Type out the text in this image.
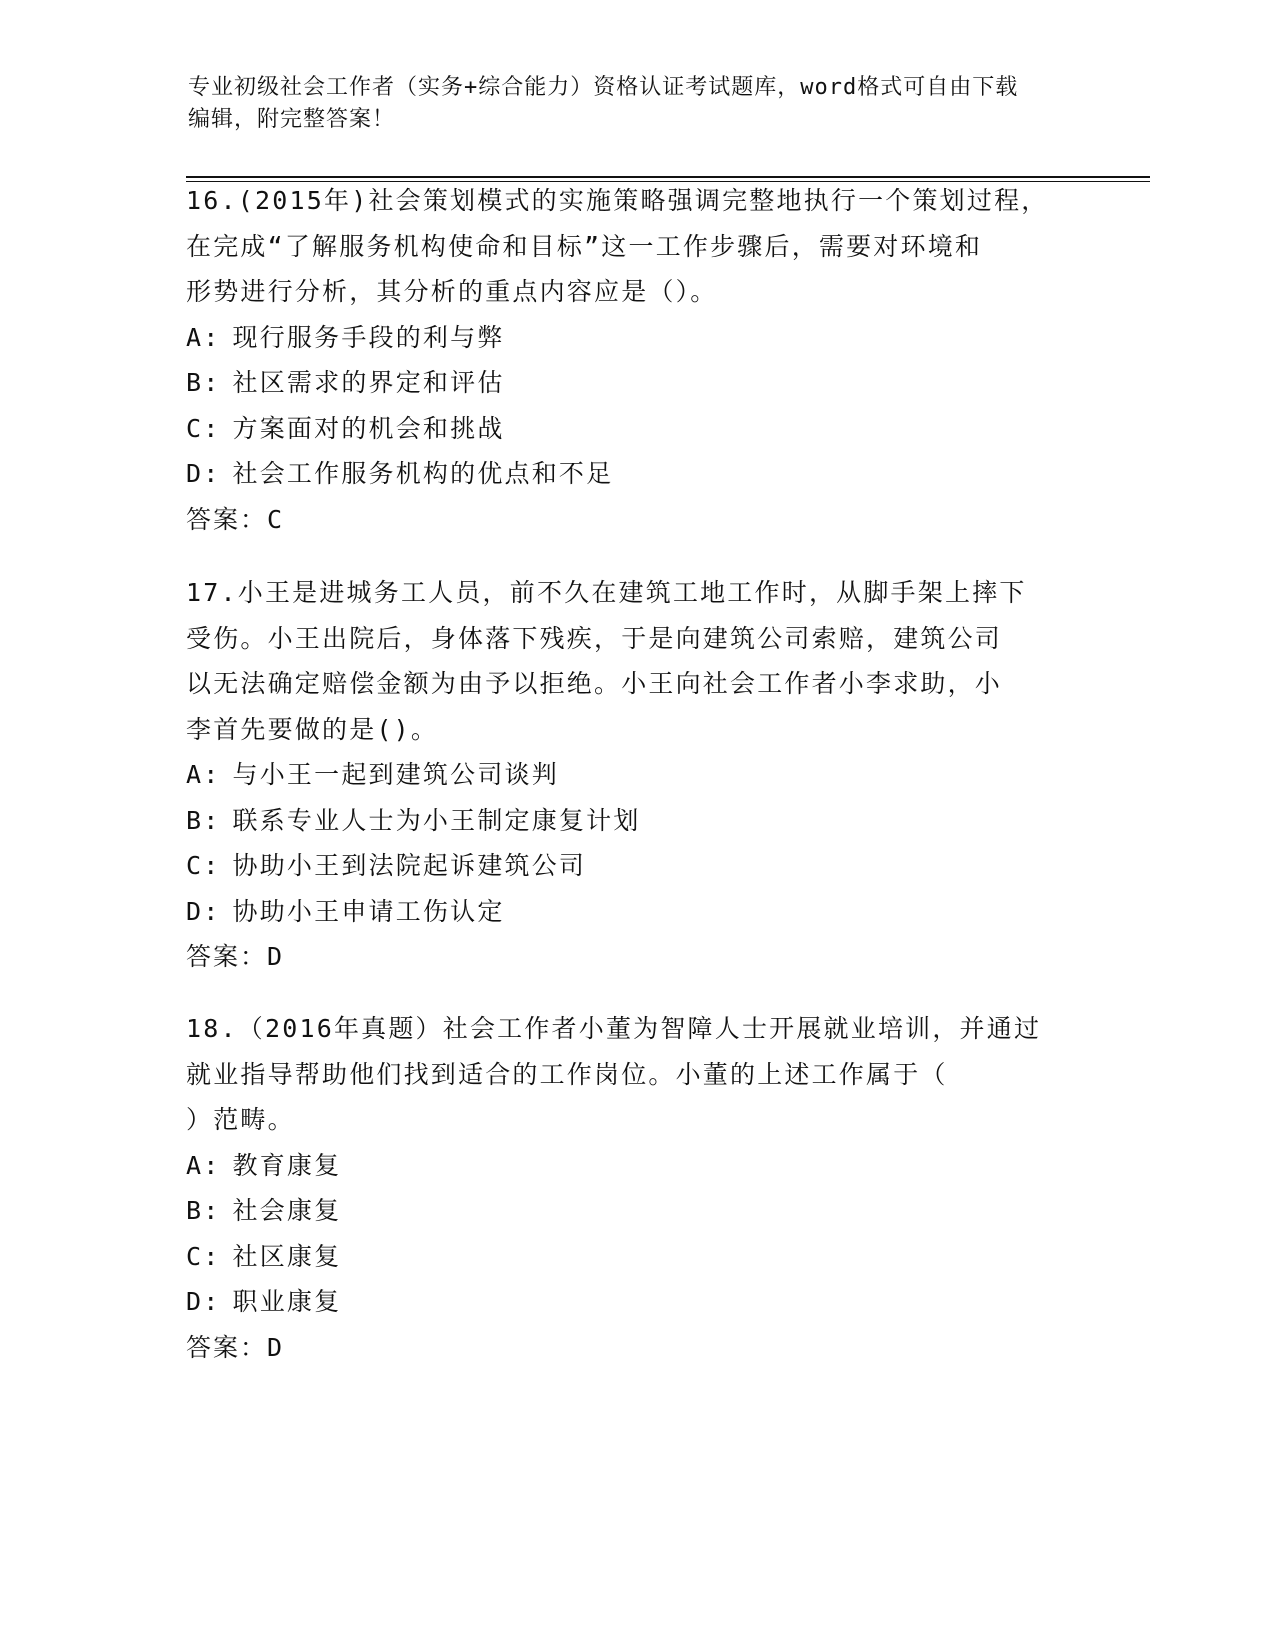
专业初级社会工作者（实务+综合能力）资格认证考试题库，word格式可自由下载
编辑，附完整答案！

16.(2015年)社会策划模式的实施策略强调完整地执行一个策划过程，

在完成“了解服务机构使命和目标”这一工作步骤后，需要对环境和

形势进行分析，其分析的重点内容应是（）。

A: 现行服务手段的利与弊

B: 社区需求的界定和评估

C: 方案面对的机会和挑战

D: 社会工作服务机构的优点和不足

答案：C

17.小王是进城务工人员，前不久在建筑工地工作时，从脚手架上摔下

受伤。小王出院后，身体落下残疾，于是向建筑公司索赔，建筑公司

以无法确定赔偿金额为由予以拒绝。小王向社会工作者小李求助，小

李首先要做的是()。

A: 与小王一起到建筑公司谈判

B: 联系专业人士为小王制定康复计划

C: 协助小王到法院起诉建筑公司

D: 协助小王申请工伤认定

答案：D

18.（2016年真题）社会工作者小董为智障人士开展就业培训，并通过

就业指导帮助他们找到适合的工作岗位。小董的上述工作属于（

）范畴。

A: 教育康复

B: 社会康复

C: 社区康复

D: 职业康复

答案：D
